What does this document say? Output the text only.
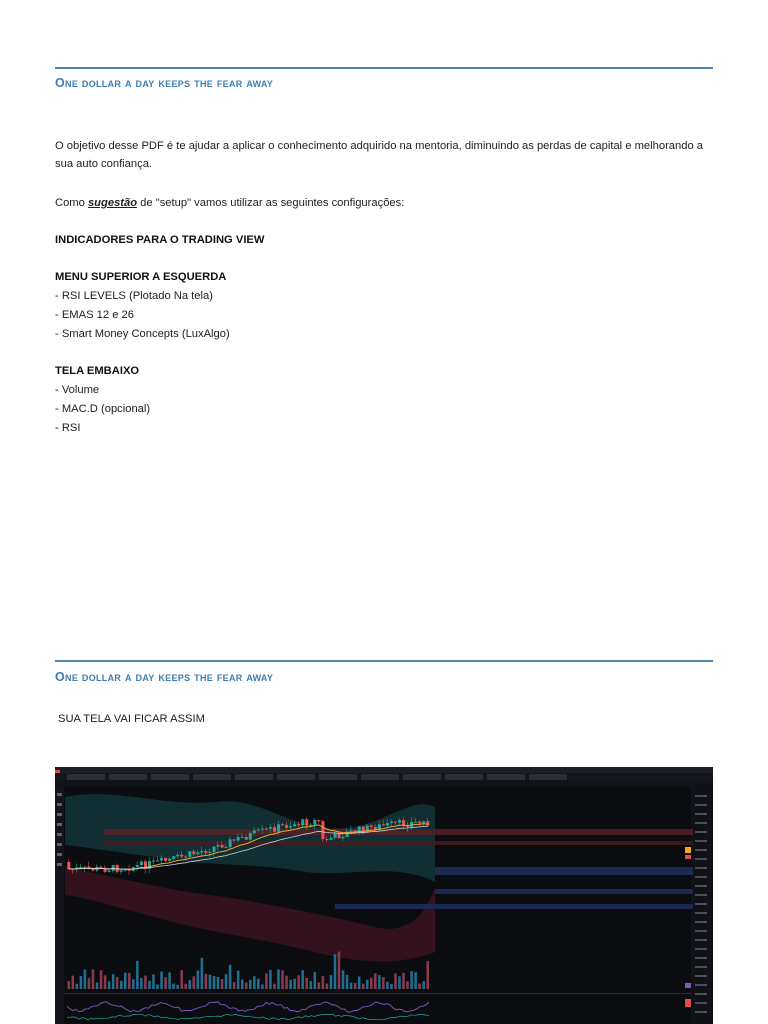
One dollar a day keeps the fear away
O objetivo desse PDF é te ajudar a aplicar o conhecimento adquirido na mentoria, diminuindo as perdas de capital e melhorando a sua auto confiança.
Como sugestão de "setup" vamos utilizar as seguintes configurações:
INDICADORES PARA O TRADING VIEW
MENU SUPERIOR A ESQUERDA
- RSI LEVELS (Plotado Na tela)
- EMAS 12 e 26
- Smart Money Concepts (LuxAlgo)
TELA EMBAIXO
- Volume
- MAC.D (opcional)
- RSI
One dollar a day keeps the fear away
SUA TELA VAI FICAR ASSIM
